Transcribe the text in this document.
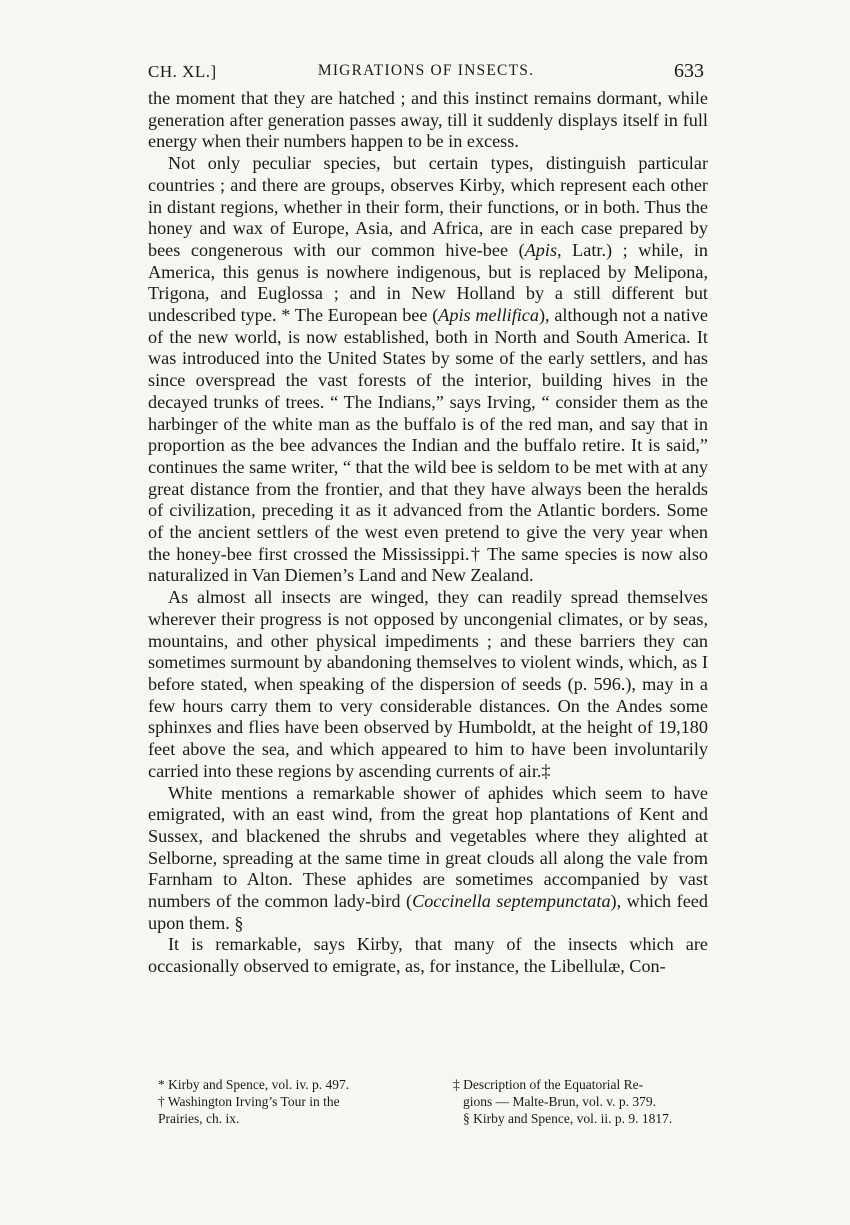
CH. XL.]	MIGRATIONS OF INSECTS.	633

the moment that they are hatched ; and this instinct remains dormant, while generation after generation passes away, till it suddenly displays itself in full energy when their numbers happen to be in excess.

Not only peculiar species, but certain types, distinguish particular countries ; and there are groups, observes Kirby, which represent each other in distant regions, whether in their form, their functions, or in both. Thus the honey and wax of Europe, Asia, and Africa, are in each case prepared by bees congenerous with our common hive-bee (Apis, Latr.) ; while, in America, this genus is nowhere indigenous, but is replaced by Melipona, Trigona, and Euglossa ; and in New Holland by a still different but undescribed type. * The European bee (Apis mellifica), although not a native of the new world, is now established, both in North and South America. It was introduced into the United States by some of the early settlers, and has since overspread the vast forests of the interior, building hives in the decayed trunks of trees. “ The Indians,” says Irving, “ consider them as the harbinger of the white man as the buffalo is of the red man, and say that in proportion as the bee advances the Indian and the buffalo retire. It is said,” continues the same writer, “ that the wild bee is seldom to be met with at any great distance from the frontier, and that they have always been the heralds of civilization, preceding it as it advanced from the Atlantic borders. Some of the ancient settlers of the west even pretend to give the very year when the honey-bee first crossed the Mississippi.† The same species is now also naturalized in Van Diemen’s Land and New Zealand.

As almost all insects are winged, they can readily spread themselves wherever their progress is not opposed by uncongenial climates, or by seas, mountains, and other physical impediments ; and these barriers they can sometimes surmount by abandoning themselves to violent winds, which, as I before stated, when speaking of the dispersion of seeds (p. 596.), may in a few hours carry them to very considerable distances. On the Andes some sphinxes and flies have been observed by Humboldt, at the height of 19,180 feet above the sea, and which appeared to him to have been involuntarily carried into these regions by ascending currents of air.‡

White mentions a remarkable shower of aphides which seem to have emigrated, with an east wind, from the great hop plantations of Kent and Sussex, and blackened the shrubs and vegetables where they alighted at Selborne, spreading at the same time in great clouds all along the vale from Farnham to Alton. These aphides are sometimes accompanied by vast numbers of the common lady-bird (Coccinella septempunctata), which feed upon them. §

It is remarkable, says Kirby, that many of the insects which are occasionally observed to emigrate, as, for instance, the Libellulæ, Con-

* Kirby and Spence, vol. iv. p. 497.

† Washington Irving’s Tour in the

Prairies, ch. ix.

‡ Description of the Equatorial Re-

gions — Malte-Brun, vol. v. p. 379.

§ Kirby and Spence, vol. ii. p. 9. 1817.
